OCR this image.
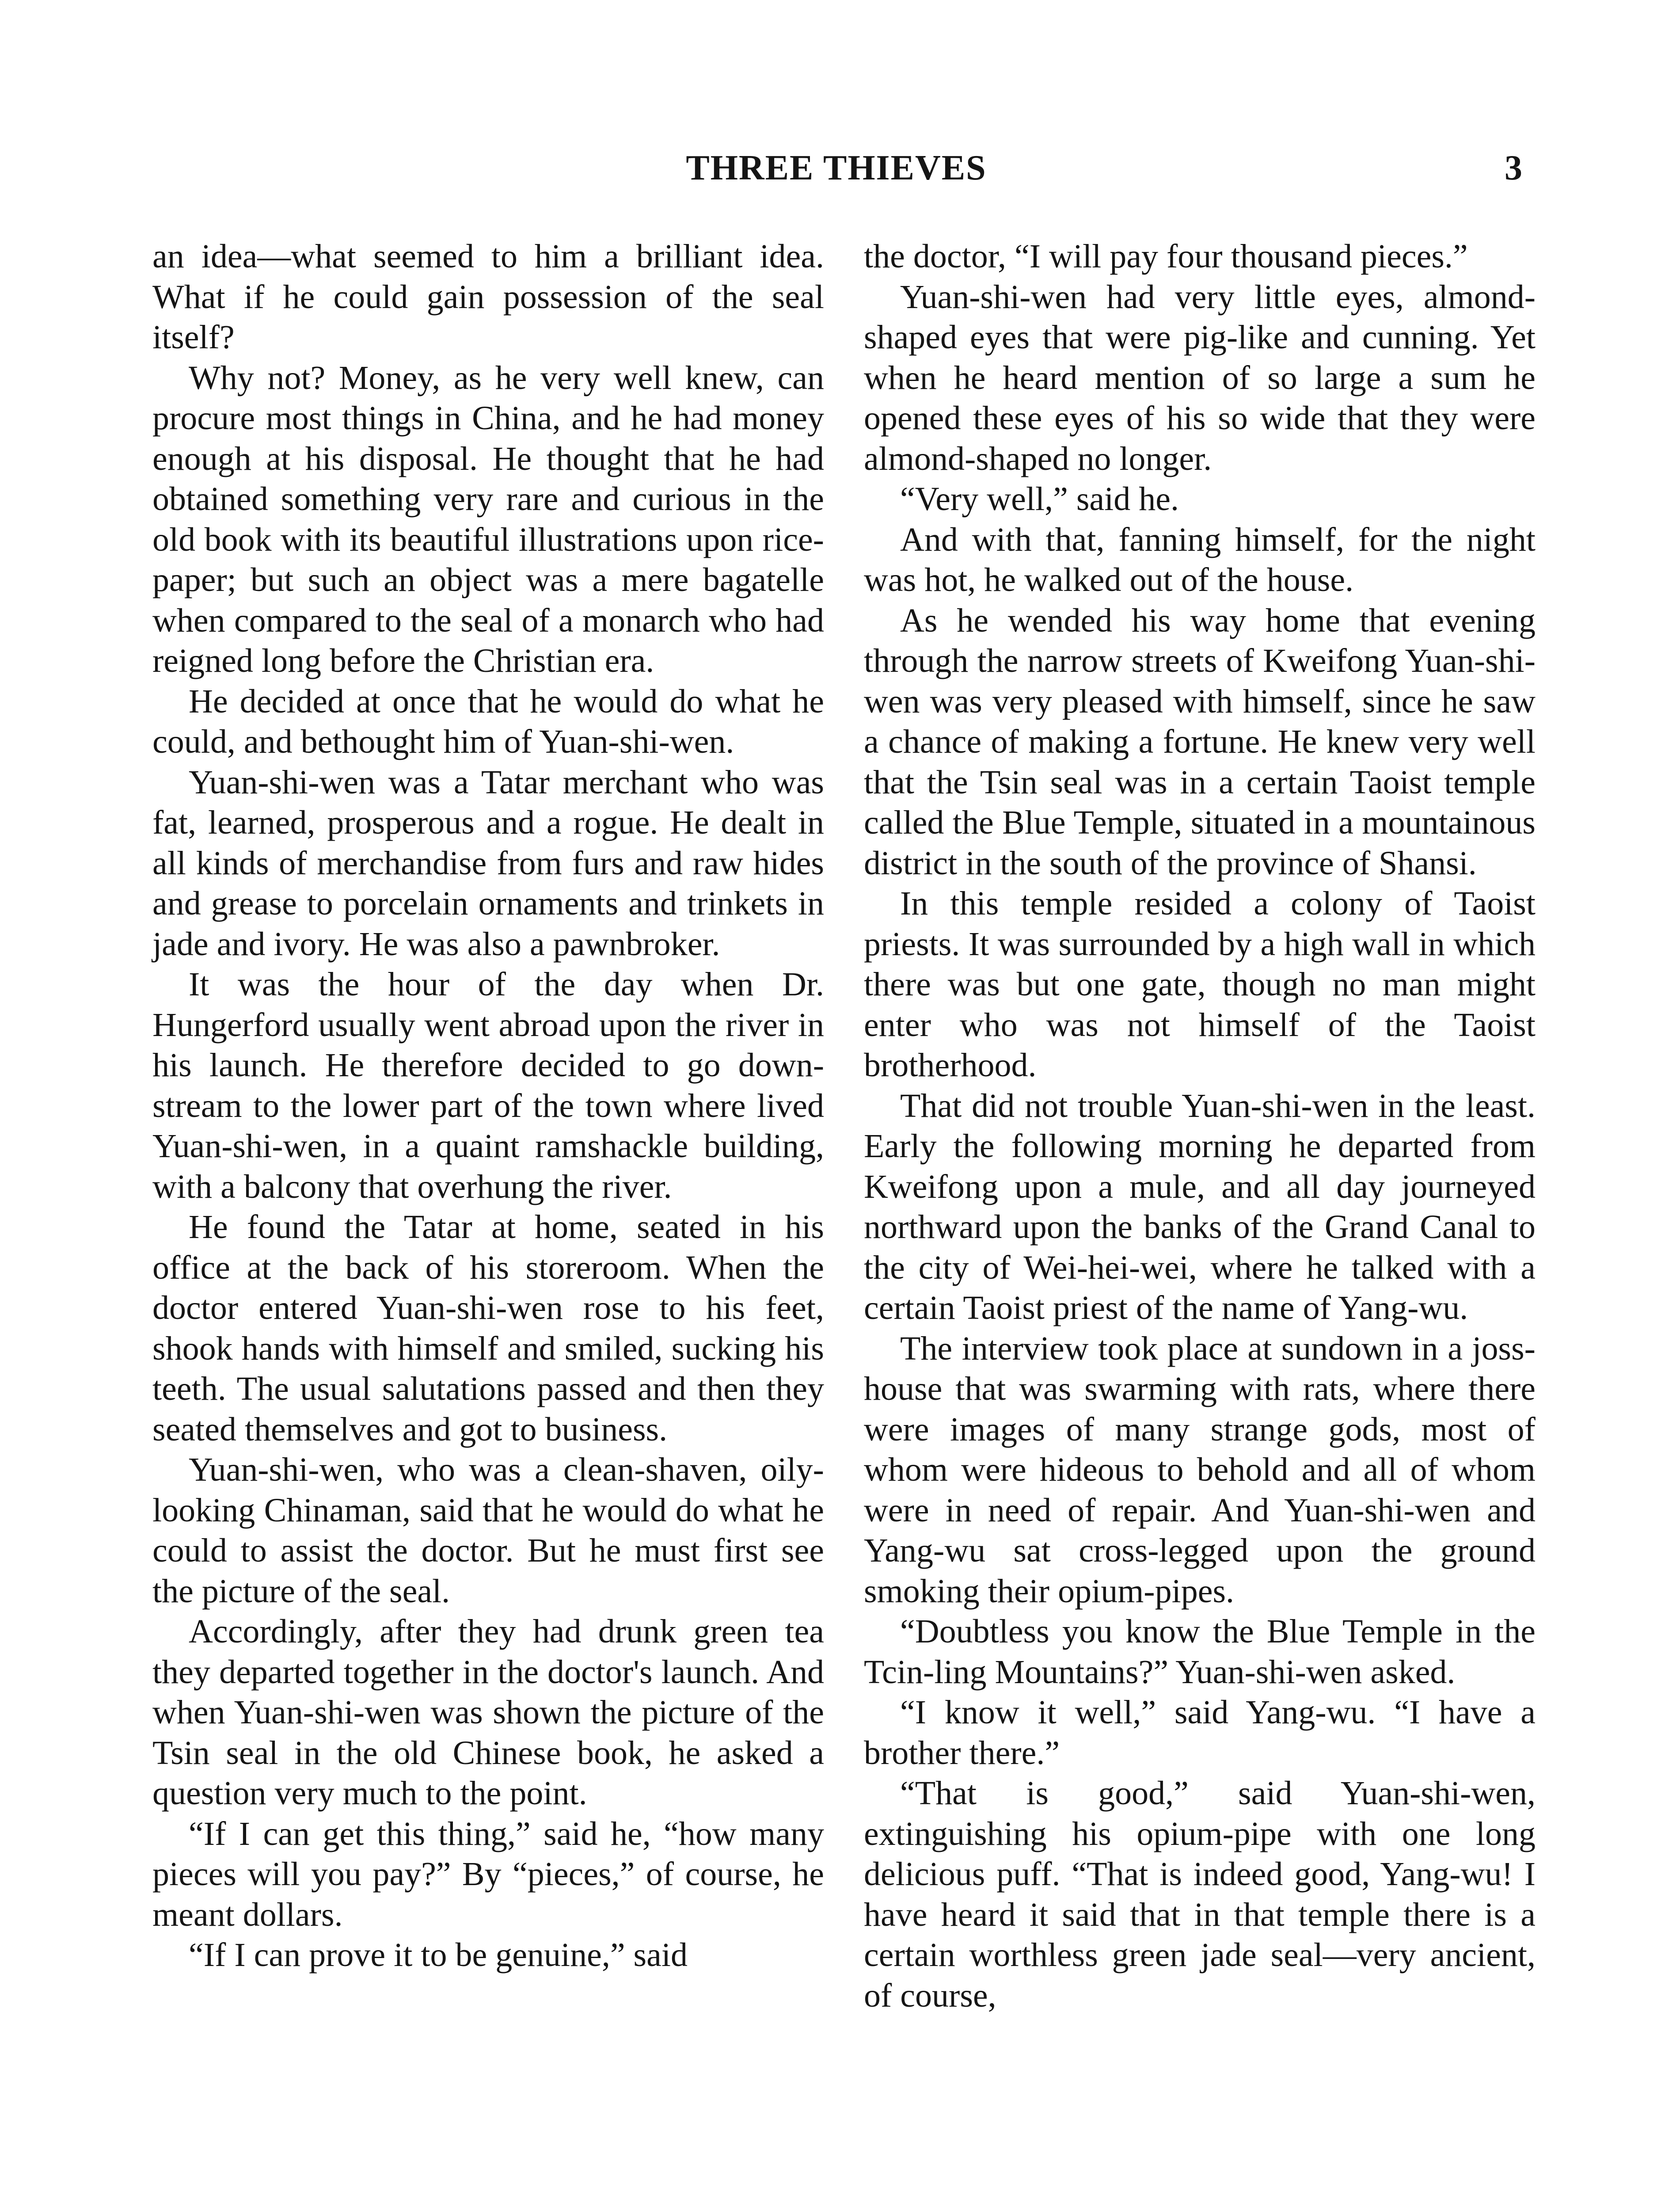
THREE THIEVES	3

an idea—what seemed to him a brilliant idea. What if he could gain possession of the seal itself?

Why not? Money, as he very well knew, can procure most things in China, and he had money enough at his disposal. He thought that he had obtained something very rare and curious in the old book with its beautiful illustrations upon rice-paper; but such an object was a mere bagatelle when compared to the seal of a monarch who had reigned long before the Christian era.

He decided at once that he would do what he could, and bethought him of Yuan-shi-wen.

Yuan-shi-wen was a Tatar merchant who was fat, learned, prosperous and a rogue. He dealt in all kinds of merchandise from furs and raw hides and grease to porcelain ornaments and trinkets in jade and ivory. He was also a pawnbroker.

It was the hour of the day when Dr. Hungerford usually went abroad upon the river in his launch. He therefore decided to go down-stream to the lower part of the town where lived Yuan-shi-wen, in a quaint ramshackle building, with a balcony that overhung the river.

He found the Tatar at home, seated in his office at the back of his storeroom. When the doctor entered Yuan-shi-wen rose to his feet, shook hands with himself and smiled, sucking his teeth. The usual salutations passed and then they seated themselves and got to business.

Yuan-shi-wen, who was a clean-shaven, oily-looking Chinaman, said that he would do what he could to assist the doctor. But he must first see the picture of the seal.

Accordingly, after they had drunk green tea they departed together in the doctor's launch. And when Yuan-shi-wen was shown the picture of the Tsin seal in the old Chinese book, he asked a question very much to the point.

“If I can get this thing,” said he, “how many pieces will you pay?” By “pieces,” of course, he meant dollars.

“If I can prove it to be genuine,” said

the doctor, “I will pay four thousand pieces.”

Yuan-shi-wen had very little eyes, almond-shaped eyes that were pig-like and cunning. Yet when he heard mention of so large a sum he opened these eyes of his so wide that they were almond-shaped no longer.

“Very well,” said he.

And with that, fanning himself, for the night was hot, he walked out of the house.

As he wended his way home that evening through the narrow streets of Kweifong Yuan-shi-wen was very pleased with himself, since he saw a chance of making a fortune. He knew very well that the Tsin seal was in a certain Taoist temple called the Blue Temple, situated in a mountainous district in the south of the province of Shansi.

In this temple resided a colony of Taoist priests. It was surrounded by a high wall in which there was but one gate, though no man might enter who was not himself of the Taoist brotherhood.

That did not trouble Yuan-shi-wen in the least. Early the following morning he departed from Kweifong upon a mule, and all day journeyed northward upon the banks of the Grand Canal to the city of Wei-hei-wei, where he talked with a certain Taoist priest of the name of Yang-wu.

The interview took place at sundown in a joss-house that was swarming with rats, where there were images of many strange gods, most of whom were hideous to behold and all of whom were in need of repair. And Yuan-shi-wen and Yang-wu sat cross-legged upon the ground smoking their opium-pipes.

“Doubtless you know the Blue Temple in the Tcin-ling Mountains?” Yuan-shi-wen asked.

“I know it well,” said Yang-wu. “I have a brother there.”

“That is good,” said Yuan-shi-wen, extinguishing his opium-pipe with one long delicious puff. “That is indeed good, Yang-wu! I have heard it said that in that temple there is a certain worthless green jade seal—very ancient, of course,
